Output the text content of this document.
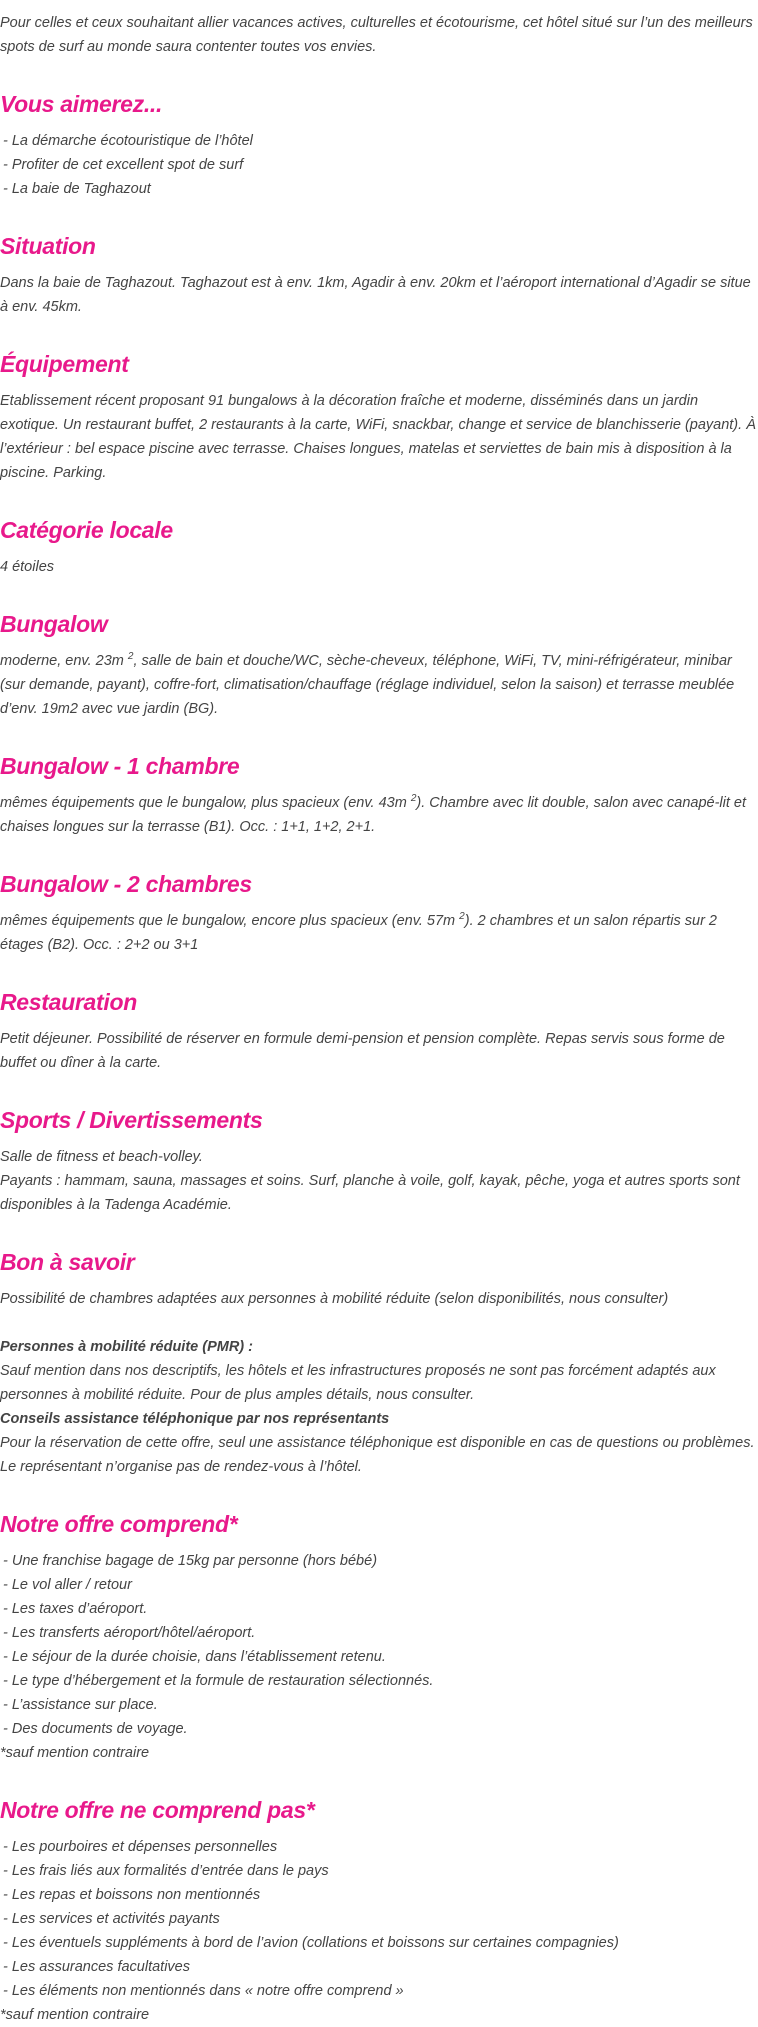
Pour celles et ceux souhaitant allier vacances actives, culturelles et écotourisme, cet hôtel situé sur l’un des meilleurs spots de surf au monde saura contenter toutes vos envies.

Vous aimerez...

- La démarche écotouristique de l’hôtel

- Profiter de cet excellent spot de surf

- La baie de Taghazout

Situation

Dans la baie de Taghazout. Taghazout est à env. 1km, Agadir à env. 20km et l’aéroport international d’Agadir se situe à env. 45km.

Équipement

Etablissement récent proposant 91 bungalows à la décoration fraîche et moderne, disséminés dans un jardin exotique. Un restaurant buffet, 2 restaurants à la carte, WiFi, snackbar, change et service de blanchisserie (payant). À l’extérieur : bel espace piscine avec terrasse. Chaises longues, matelas et serviettes de bain mis à disposition à la piscine. Parking.

Catégorie locale

4 étoiles

Bungalow

moderne, env. 23m $^2$, salle de bain et douche/WC, sèche-cheveux, téléphone, WiFi, TV, mini-réfrigérateur, minibar (sur demande, payant), coffre-fort, climatisation/chauffage (réglage individuel, selon la saison) et terrasse meublée d’env. 19m2 avec vue jardin (BG).

Bungalow - 1 chambre

mêmes équipements que le bungalow, plus spacieux (env. 43m $^2$). Chambre avec lit double, salon avec canapé-lit et chaises longues sur la terrasse (B1). Occ. : 1+1, 1+2, 2+1.

Bungalow - 2 chambres

mêmes équipements que le bungalow, encore plus spacieux (env. 57m $^2$). 2 chambres et un salon répartis sur 2 étages (B2). Occ. : 2+2 ou 3+1

Restauration

Petit déjeuner. Possibilité de réserver en formule demi-pension et pension complète. Repas servis sous forme de buffet ou dîner à la carte.

Sports / Divertissements

Salle de fitness et beach-volley.

Payants : hammam, sauna, massages et soins. Surf, planche à voile, golf, kayak, pêche, yoga et autres sports sont disponibles à la Tadenga Académie.

Bon à savoir

Possibilité de chambres adaptées aux personnes à mobilité réduite (selon disponibilités, nous consulter)

Personnes à mobilité réduite (PMR) :

Sauf mention dans nos descriptifs, les hôtels et les infrastructures proposés ne sont pas forcément adaptés aux personnes à mobilité réduite. Pour de plus amples détails, nous consulter.

Conseils assistance téléphonique par nos représentants

Pour la réservation de cette offre, seul une assistance téléphonique est disponible en cas de questions ou problèmes. Le représentant n’organise pas de rendez-vous à l’hôtel.

Notre offre comprend*

- Une franchise bagage de 15kg par personne (hors bébé)

- Le vol aller / retour

- Les taxes d’aéroport.

- Les transferts aéroport/hôtel/aéroport.

- Le séjour de la durée choisie, dans l’établissement retenu.

- Le type d’hébergement et la formule de restauration sélectionnés.

- L’assistance sur place.

- Des documents de voyage.

*sauf mention contraire

Notre offre ne comprend pas*

- Les pourboires et dépenses personnelles

- Les frais liés aux formalités d’entrée dans le pays

- Les repas et boissons non mentionnés

- Les services et activités payants

- Les éventuels suppléments à bord de l’avion (collations et boissons sur certaines compagnies)

- Les assurances facultatives

- Les éléments non mentionnés dans « notre offre comprend »

*sauf mention contraire
